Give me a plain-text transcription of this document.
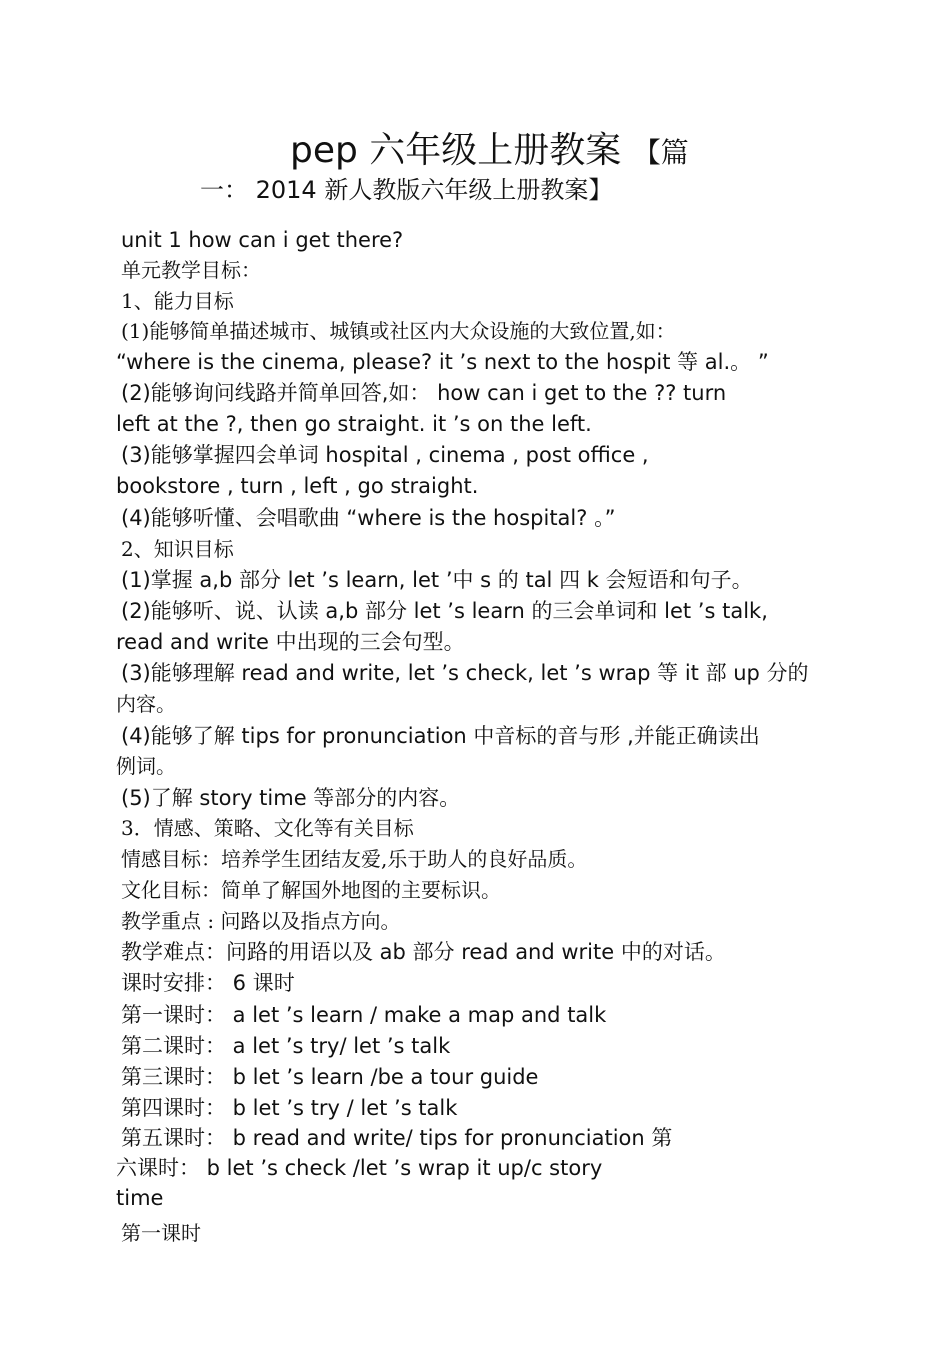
pep 六年级上册教案 【篇
一： 2014 新人教版六年级上册教案】
unit 1 how can i get there?
单元教学目标：
1、能力目标
(1)能够简单描述城市、城镇或社区内大众设施的大致位置,如：
“where is the cinema, please? it ’s next to the hospit 等 al.。 ”
(2)能够询问线路并简单回答,如： how can i get to the ?? turn
left at the ?, then go straight. it ’s on the left.
(3)能够掌握四会单词 hospital , cinema , post office ,
bookstore , turn , left , go straight.
(4)能够听懂、会唱歌曲 “where is the hospital? 。”
2、知识目标
(1)掌握 a,b 部分 let ’s learn, let ’中 s 的 tal 四 k 会短语和句子。
(2)能够听、说、认读 a,b 部分 let ’s learn 的三会单词和 let ’s talk,
read and write 中出现的三会句型。
(3)能够理解 read and write, let ’s check, let ’s wrap 等 it 部 up 分的
内容。
(4)能够了解 tips for pronunciation 中音标的音与形 ,并能正确读出
例词。
(5)了解 story time 等部分的内容。
3．情感、策略、文化等有关目标
情感目标：培养学生团结友爱,乐于助人的良好品质。
文化目标：简单了解国外地图的主要标识。
教学重点 : 问路以及指点方向。
教学难点：问路的用语以及 ab 部分 read and write 中的对话。
课时安排： 6 课时
第一课时： a let ’s learn / make a map and talk
第二课时： a let ’s try/ let ’s talk
第三课时： b let ’s learn /be a tour guide
第四课时： b let ’s try / let ’s talk
第五课时： b read and write/ tips for pronunciation 第
六课时： b let ’s check /let ’s wrap it up/c story
time
第一课时
